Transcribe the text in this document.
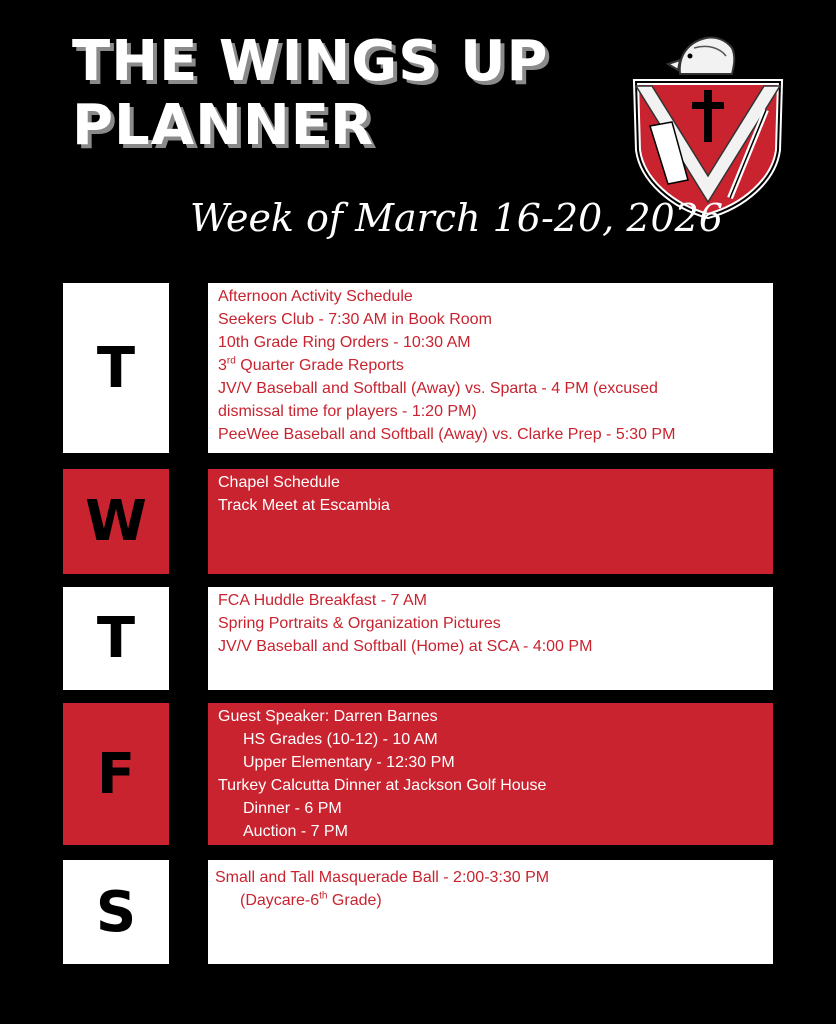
THE WINGS UP
PLANNER

Week of March 16-20, 2026

T
Afternoon Activity Schedule
Seekers Club - 7:30 AM in Book Room
10th Grade Ring Orders - 10:30 AM
3rd Quarter Grade Reports
JV/V Baseball and Softball (Away) vs. Sparta - 4 PM (excused
dismissal time for players - 1:20 PM)
PeeWee Baseball and Softball (Away) vs. Clarke Prep - 5:30 PM
W
Chapel Schedule
Track Meet at Escambia
T
FCA Huddle Breakfast - 7 AM
Spring Portraits & Organization Pictures
JV/V Baseball and Softball (Home) at SCA - 4:00 PM
F
Guest Speaker: Darren Barnes
HS Grades (10-12) - 10 AM
Upper Elementary - 12:30 PM
Turkey Calcutta Dinner at Jackson Golf House
Dinner - 6 PM
Auction - 7 PM
S
Small and Tall Masquerade Ball - 2:00-3:30 PM
(Daycare-6th Grade)
